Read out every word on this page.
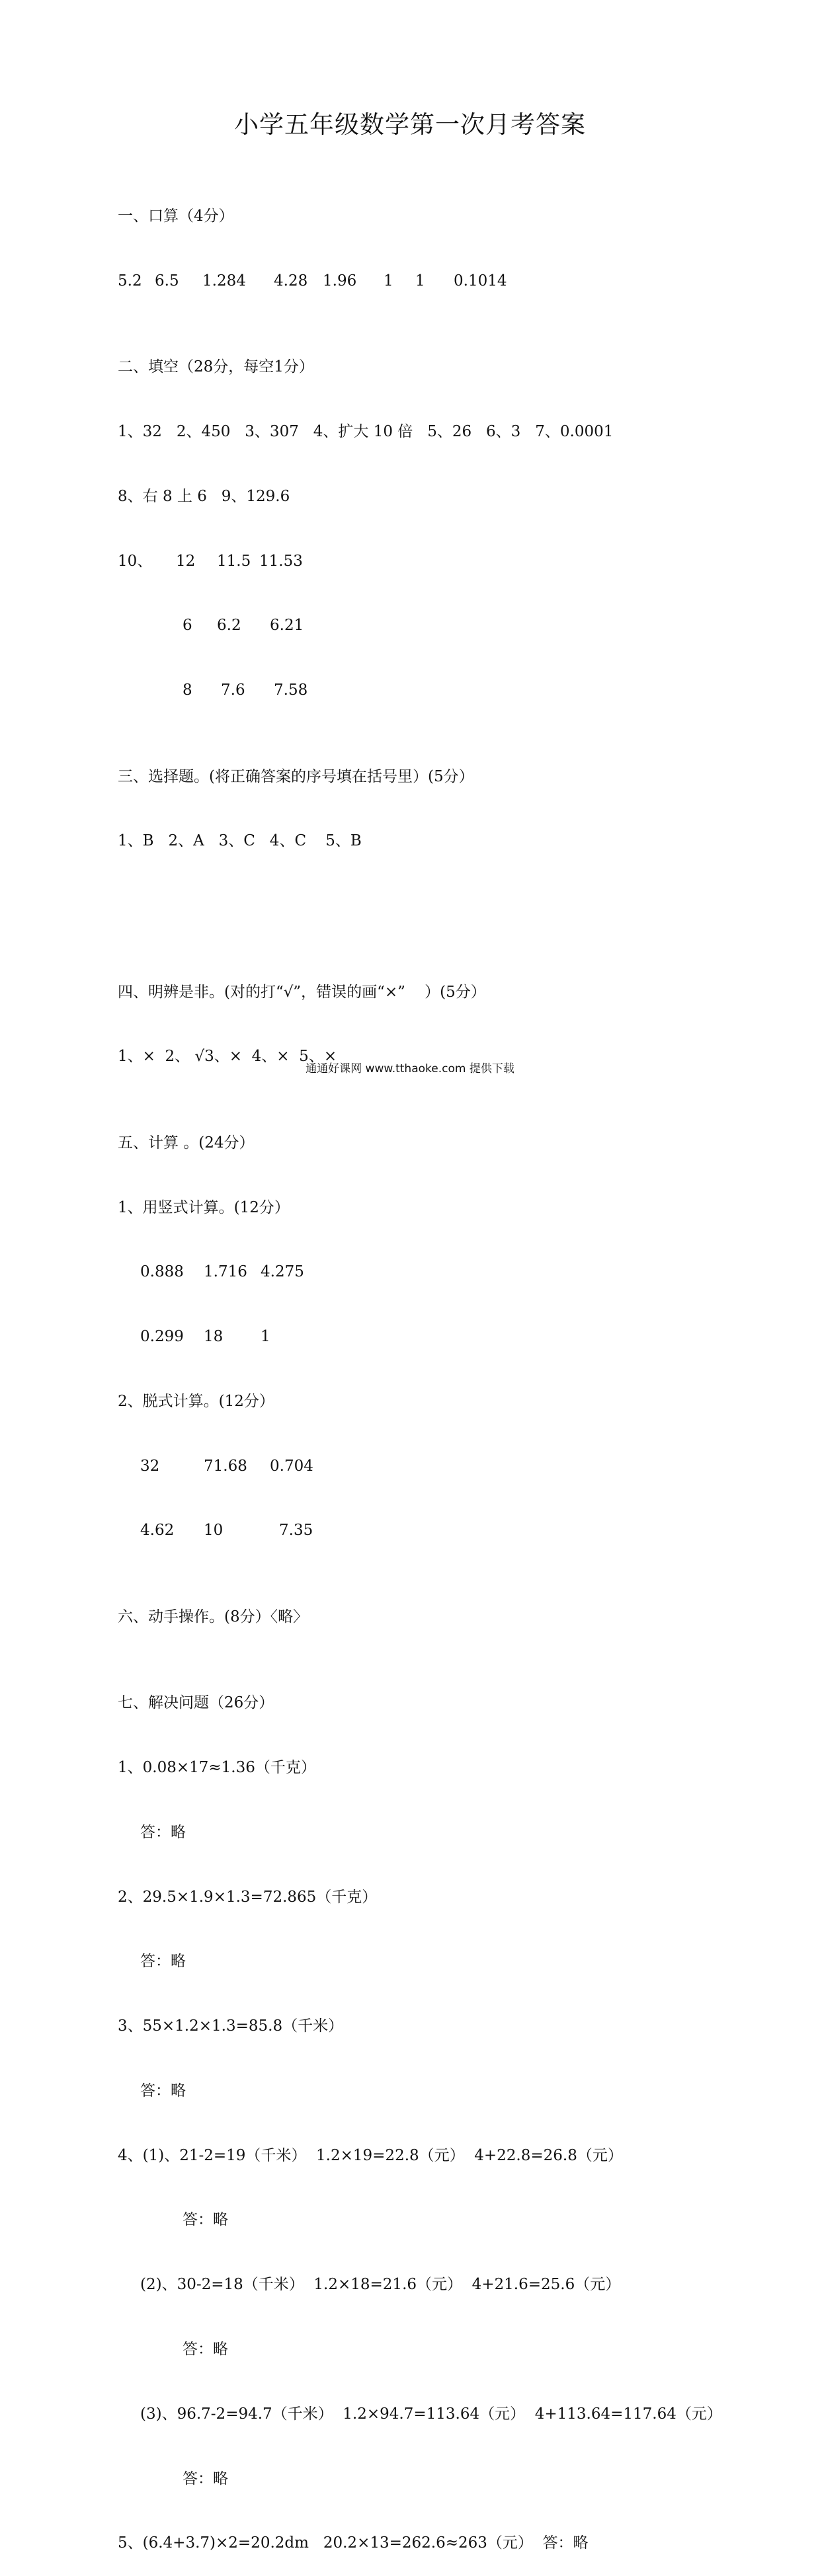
小学五年级数学第一次月考答案

一、口算（4分）

5.2 6.5	1.284	4.28 1.96	1	1	0.1014

二、填空（28分，每空1分）

1、32   2、450   3、307   4、扩大 10 倍   5、26   6、3   7、0.0001

8、右 8 上 6   9、129.6

10、	12	11.5 11.53

6	6.2	6.21

8	7.6	7.58

三、选择题。(将正确答案的序号填在括号里）(5分）

1、B   2、A   3、C   4、C    5、B

四、明辨是非。(对的打“√”，错误的画“×”    ）(5分）

1、×  2、 √3、×  4、×  5、×

五、计算 。(24分）

1、用竖式计算。(12分）

0.888	1.716 4.275

0.299	18	1

2、脱式计算。(12分）

32	71.68	0.704

4.62	10	7.35

六、动手操作。(8分）〈略〉

七、解决问题（26分）

1、0.08×17≈1.36（千克）

答：略

2、29.5×1.9×1.3=72.865（千克）

答：略

3、55×1.2×1.3=85.8（千米）

答：略

4、(1)、21-2=19（千米）  1.2×19=22.8（元）  4+22.8=26.8（元）

答：略

(2)、30-2=18（千米）  1.2×18=21.6（元）  4+21.6=25.6（元）

答：略

(3)、96.7-2=94.7（千米）  1.2×94.7=113.64（元）  4+113.64=117.64（元）

答：略

5、(6.4+3.7)×2=20.2dm   20.2×13=262.6≈263（元）  答：略

通通好课网 www.tthaoke.com 提供下载
